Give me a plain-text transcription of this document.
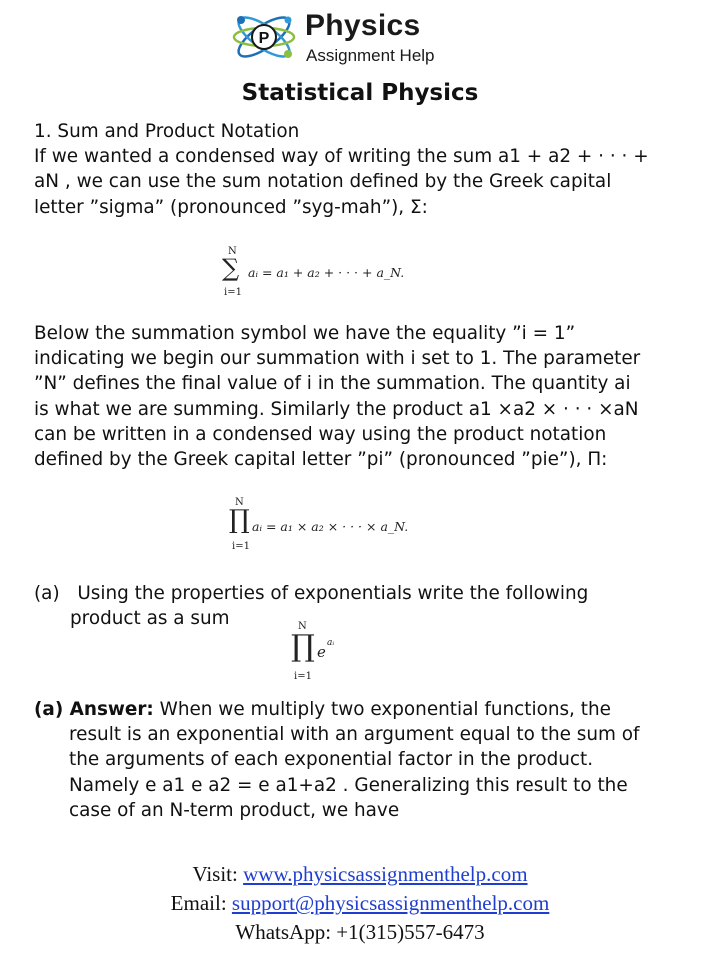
P Physics
Assignment Help
Statistical Physics
1. Sum and Product Notation
If we wanted a condensed way of writing the sum a1 + a2 + · · · +
aN , we can use the sum notation defined by the Greek capital
letter ”sigma” (pronounced ”syg-mah”), Σ:
N
∑
i=1
aᵢ = a₁ + a₂ + · · · + a_N.
Below the summation symbol we have the equality ”i = 1”
indicating we begin our summation with i set to 1. The parameter
”N” defines the final value of i in the summation. The quantity ai
is what we are summing. Similarly the product a1 ×a2 × · · · ×aN
can be written in a condensed way using the product notation
defined by the Greek capital letter ”pi” (pronounced ”pie”), Π:
N
∏
i=1
aᵢ = a₁ × a₂ × · · · × a_N.
(a) Using the properties of exponentials write the following
product as a sum	N
∏
i=1
e aᵢ
(a) Answer: When we multiply two exponential functions, the
result is an exponential with an argument equal to the sum of
the arguments of each exponential factor in the product.
Namely e a1 e a2 = e a1+a2 . Generalizing this result to the
case of an N-term product, we have
Visit: www.physicsassignmenthelp.com
Email: support@physicsassignmenthelp.com
WhatsApp: +1(315)557-6473
